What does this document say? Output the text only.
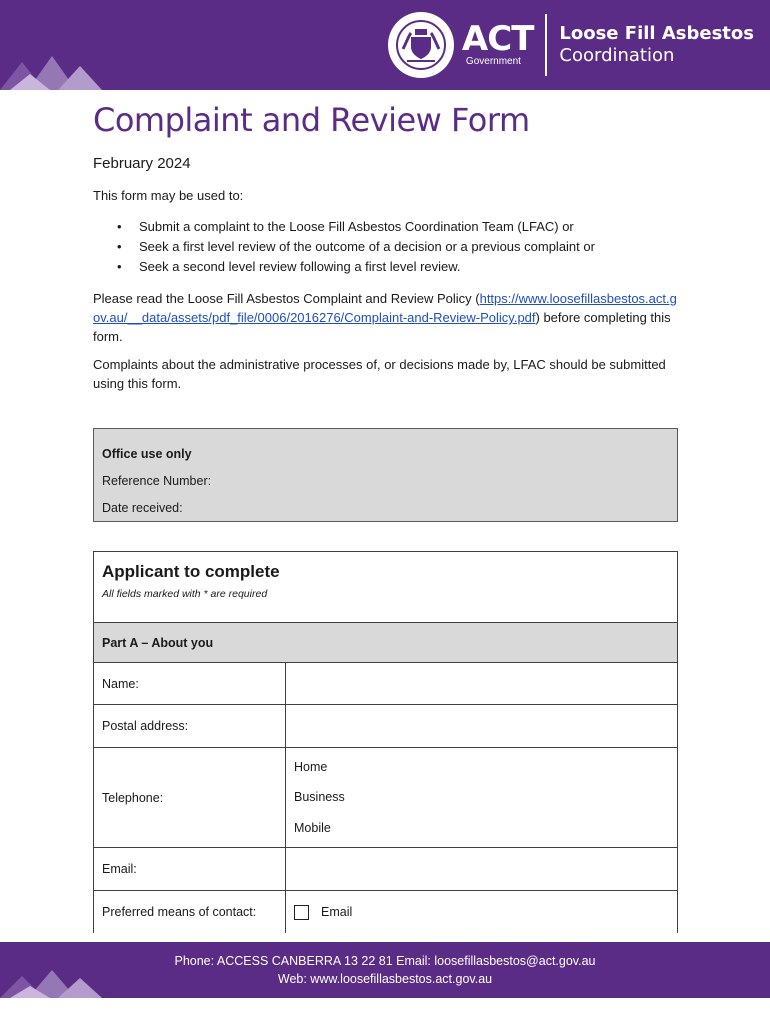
ACT
Government
Loose Fill Asbestos
Coordination
Complaint and Review Form
February 2024
This form may be used to:
• Submit a complaint to the Loose Fill Asbestos Coordination Team (LFAC) or
• Seek a first level review of the outcome of a decision or a previous complaint or
• Seek a second level review following a first level review.
Please read the Loose Fill Asbestos Complaint and Review Policy (https://www.loosefillasbestos.act.gov.au/__data/assets/pdf_file/0006/2016276/Complaint-and-Review-Policy.pdf) before completing this form.
Complaints about the administrative processes of, or decisions made by, LFAC should be submitted using this form.
Office use only
Reference Number:
Date received:
Applicant to complete
All fields marked with * are required
Part A – About you
Name:
Postal address:
Telephone:
Home
Business
Mobile
Email:
Preferred means of contact:	Email
Phone: ACCESS CANBERRA 13 22 81 Email: loosefillasbestos@act.gov.au
Web: www.loosefillasbestos.act.gov.au
